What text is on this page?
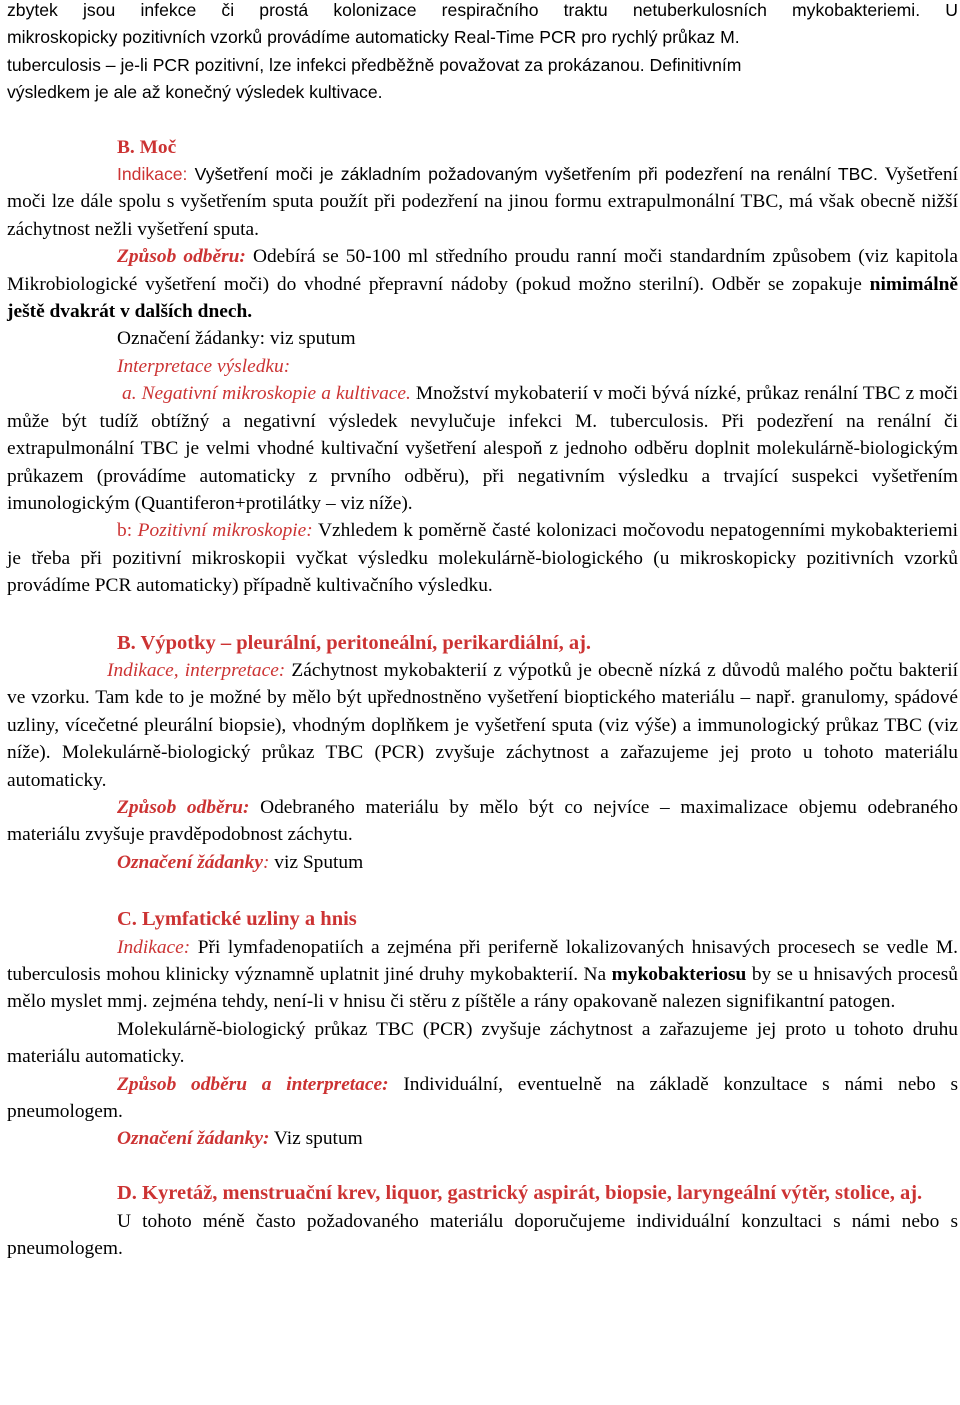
zbytek jsou infekce či prostá kolonizace respiračního traktu netuberkulosních mykobakteriemi. U

mikroskopicky pozitivních vzorků provádíme automaticky Real-Time PCR pro rychlý průkaz M.

tuberculosis – je-li PCR pozitivní, lze infekci předběžně považovat za prokázanou. Definitivním

výsledkem je ale až konečný výsledek kultivace.

B. Moč

Indikace: Vyšetření moči je základním požadovaným vyšetřením při podezření na renální TBC. Vyšetření moči lze dále spolu s vyšetřením sputa použít při podezření na jinou formu extrapulmonální TBC, má však obecně nižší záchytnost nežli vyšetření sputa.

Způsob odběru: Odebírá se 50-100 ml středního proudu ranní moči standardním způsobem (viz kapitola Mikrobiologické vyšetření moči) do vhodné přepravní nádoby (pokud možno sterilní). Odběr se zopakuje nimimálně ještě dvakrát v dalších dnech.

Označení žádanky: viz sputum

Interpretace výsledku:

a. Negativní mikroskopie a kultivace. Množství mykobaterií v moči bývá nízké, průkaz renální TBC z moči může být tudíž obtížný a negativní výsledek nevylučuje infekci M. tuberculosis. Při podezření na renální či extrapulmonální TBC je velmi vhodné kultivační vyšetření alespoň z jednoho odběru doplnit molekulárně-biologickým průkazem (provádíme automaticky z prvního odběru), při negativním výsledku a trvající suspekci vyšetřením imunologickým (Quantiferon+protilátky – viz níže).

b: Pozitivní mikroskopie: Vzhledem k poměrně časté kolonizaci močovodu nepatogenními mykobakteriemi je třeba při pozitivní mikroskopii vyčkat výsledku molekulárně-biologického (u mikroskopicky pozitivních vzorků provádíme PCR automaticky) případně kultivačního výsledku.

B. Výpotky – pleurální, peritoneální, perikardiální, aj.

Indikace, interpretace: Záchytnost mykobakterií z výpotků je obecně nízká z důvodů malého počtu bakterií ve vzorku. Tam kde to je možné by mělo být upřednostněno vyšetření bioptického materiálu – např. granulomy, spádové uzliny, vícečetné pleurální biopsie), vhodným doplňkem je vyšetření sputa (viz výše) a immunologický průkaz TBC (viz níže). Molekulárně-biologický průkaz TBC (PCR) zvyšuje záchytnost a zařazujeme jej proto u tohoto materiálu automaticky.

Způsob odběru: Odebraného materiálu by mělo být co nejvíce – maximalizace objemu odebraného materiálu zvyšuje pravděpodobnost záchytu.

Označení žádanky: viz Sputum

C. Lymfatické uzliny a hnis

Indikace: Při lymfadenopatiích a zejména při periferně lokalizovaných hnisavých procesech se vedle M. tuberculosis mohou klinicky významně uplatnit jiné druhy mykobakterií. Na mykobakteriosu by se u hnisavých procesů mělo myslet mmj. zejména tehdy, není-li v hnisu či stěru z píštěle a rány opakovaně nalezen signifikantní patogen.

Molekulárně-biologický průkaz TBC (PCR) zvyšuje záchytnost a zařazujeme jej proto u tohoto druhu materiálu automaticky.

Způsob odběru a interpretace: Individuální, eventuelně na základě konzultace s námi nebo s pneumologem.

Označení žádanky: Viz sputum

D. Kyretáž, menstruační krev, liquor, gastrický aspirát, biopsie, laryngeální výtěr, stolice, aj.

U tohoto méně často požadovaného materiálu doporučujeme individuální konzultaci s námi nebo s pneumologem.
